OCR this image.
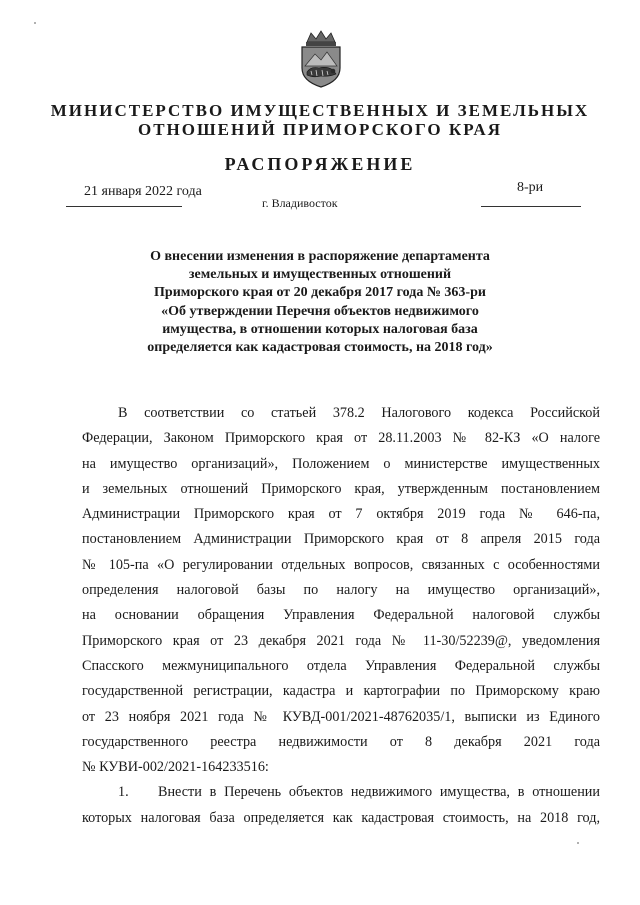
МИНИСТЕРСТВО ИМУЩЕСТВЕННЫХ И ЗЕМЕЛЬНЫХ
ОТНОШЕНИЙ ПРИМОРСКОГО КРАЯ
РАСПОРЯЖЕНИЕ
21 января 2022 года
г. Владивосток
8-ри
О внесении изменения в распоряжение департамента
земельных и имущественных отношений
Приморского края от 20 декабря 2017 года № 363-ри
«Об утверждении Перечня объектов недвижимого
имущества, в отношении которых налоговая база
определяется как кадастровая стоимость, на 2018 год»
В соответствии со статьей 378.2 Налогового кодекса Российской
Федерации, Законом Приморского края от 28.11.2003 № 82-КЗ «О налоге
на имущество организаций», Положением о министерстве имущественных
и земельных отношений Приморского края, утвержденным постановлением
Администрации Приморского края от 7 октября 2019 года № 646-па,
постановлением Администрации Приморского края от 8 апреля 2015 года
№ 105-па «О регулировании отдельных вопросов, связанных с особенностями
определения налоговой базы по налогу на имущество организаций»,
на основании обращения Управления Федеральной налоговой службы
Приморского края от 23 декабря 2021 года № 11-30/52239@, уведомления
Спасского межмуниципального отдела Управления Федеральной службы
государственной регистрации, кадастра и картографии по Приморскому краю
от 23 ноября 2021 года № КУВД-001/2021-48762035/1, выписки из Единого
государственного реестра недвижимости от 8 декабря 2021 года
№ КУВИ-002/2021-164233516:
1. Внести в Перечень объектов недвижимого имущества, в отношении
которых налоговая база определяется как кадастровая стоимость, на 2018 год,
